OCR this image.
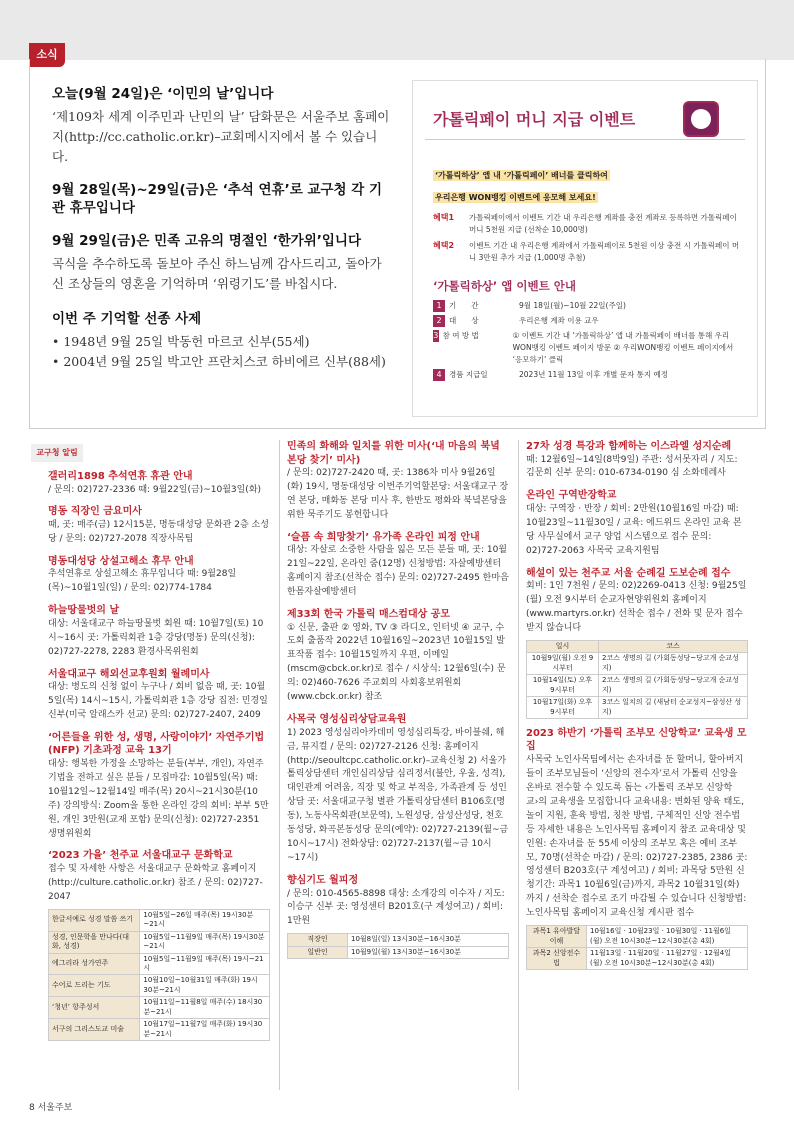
소식
오늘(9월 24일)은 ‘이민의 날’입니다
‘제109차 세계 이주민과 난민의 날’ 담화문은 서울주보 홈페이지(http://cc.catholic.or.kr)–교회메시지에서 볼 수 있습니다.
9월 28일(목)~29일(금)은 ‘추석 연휴’로 교구청 각 기관 휴무입니다
9월 29일(금)은 민족 고유의 명절인 ‘한가위’입니다
곡식을 추수하도록 돌보아 주신 하느님께 감사드리고, 돌아가신 조상들의 영혼을 기억하며 ‘위령기도’를 바칩시다.
이번 주 기억할 선종 사제
• 1948년 9월 25일 박동헌 마르코 신부(55세)
• 2004년 9월 25일 박고안 프란치스코 하비에르 신부(88세)
가톨릭페이 머니 지급 이벤트
‘가톨릭하상’ 앱 내 ‘가톨릭페이’ 배너를 클릭하여
우리은행 WON뱅킹 이벤트에 응모해 보세요!
혜택1	가톨릭페이에서 이벤트 기간 내 우리은행 계좌를 충전 계좌로 등록하면 가톨릭페이 머니 5천원 지급 (선착순 10,000명)
혜택2	이벤트 기간 내 우리은행 계좌에서 가톨릭페이로 5천원 이상 충전 시 가톨릭페이 머니 3만원 추가 지급 (1,000명 추첨)
‘가톨릭하상’ 앱 이벤트 안내
1 기　　간	9월 18일(월)~10월 22일(주일)
2 대　　상	우리은행 계좌 이용 교우
3 참 여 방 법	① 이벤트 기간 내 ‘가톨릭하상’ 앱 내 가톨릭페이 배너를 통해 우리WON뱅킹 이벤트 페이지 방문 ② 우리WON뱅킹 이벤트 페이지에서 ‘응모하기’ 클릭
4 경품 지급일	2023년 11월 13일 이후 개별 문자 통지 예정
교구청 알림
갤러리1898 추석연휴 휴관 안내
/ 문의: 02)727-2336 때: 9월22일(금)~10월3일(화)
명동 직장인 금요미사
때, 곳: 매주(금) 12시15분, 명동대성당 문화관 2층 소성당 / 문의: 02)727-2078 직장사목팀
명동대성당 상설고해소 휴무 안내
추석연휴로 상설고해소 휴무입니다 때: 9월28일(목)~10월1일(일) / 문의: 02)774-1784
하늘땅물벗의 날
대상: 서울대교구 하늘땅물벗 회원 때: 10월7일(토) 10시~16시 곳: 가톨릭회관 1층 강당(명동) 문의(신청): 02)727-2278, 2283 환경사목위원회
서울대교구 해외선교후원회 월례미사
대상: 병도의 신청 없이 누구나 / 회비 없음 때, 곳: 10월5일(목) 14시~15시, 가톨릭회관 1층 강당 집전: 민경일 신부(미국 알래스카 선교) 문의: 02)727-2407, 2409
‘어른들을 위한 성, 생명, 사랑이야기’ 자연주기법(NFP) 기초과정 교육 13기
대상: 행복한 가정을 소망하는 분들(부부, 개인), 자연주기법을 전하고 싶은 분들 / 모집마감: 10월5일(목) 때: 10월12일~12월14일 매주(목) 20시~21시30분(10주) 강의방식: Zoom을 통한 온라인 강의 회비: 부부 5만원, 개인 3만원(교재 포함) 문의(신청): 02)727-2351 생명위원회
‘2023 가을’ 천주교 서울대교구 문화학교
접수 및 자세한 사항은 서울대교구 문화학교 홈페이지(http://culture.catholic.or.kr) 참조 / 문의: 02)727-2047
한글서예로 성경 말씀 쓰기	10월5일~26일 매주(목) 19시30분~21시
성경, 인문학을 만나다(대화, 성경)	10월5일~11월9일 매주(목) 19시30분~21시
에그리라 성가연주	10월5일~11월9일 매주(목) 19시~21시
수어로 드리는 기도	10월10일~10월31일 매주(화) 19시30분~21시
‘청년’ 항주성서	10월11일~11월8일 매주(수) 18시30분~21시
서구의 그리스도교 미술	10월17일~11월7일 매주(화) 19시30분~21시
민족의 화해와 일치를 위한 미사(‘내 마음의 북녘 본당 찾기’ 미사)
/ 문의: 02)727-2420 때, 곳: 1386차 미사 9월26일(화) 19시, 명동대성당 이번주기억할본당: 서울대교구 장연 본당, 매화동 본당 미사 후, 한반도 평화와 북녘본당을 위한 묵주기도 봉헌합니다
‘슬픔 속 희망찾기’ 유가족 온라인 피정 안내
대상: 자살로 소중한 사람을 잃은 모든 분들 때, 곳: 10월21일~22일, 온라인 줌(12명) 신청방법: 자살예방센터 홈페이지 참조(선착순 접수) 문의: 02)727-2495 한마음한몸자살예방센터
제33회 한국 가톨릭 매스컴대상 공모
① 신문, 출판 ② 영화, TV ③ 라디오, 인터넷 ④ 교구, 수도회 출품작 2022년 10월16일~2023년 10월15일 발표작품 접수: 10월15일까지 우편, 이메일(mscm@cbck.or.kr)로 접수 / 시상식: 12월6일(수) 문의: 02)460-7626 주교회의 사회홍보위원회(www.cbck.or.kr) 참조
사목국 영성심리상담교육원
1) 2023 영성심리아카데미 영성심리특강, 바이블쉐, 해금, 뮤지컬 / 문의: 02)727-2126 신청: 홈페이지(http://seoultcpc.catholic.or.kr)–교육신청 2) 서울가톨릭상담센터 개인심리상담 심리정서(불안, 우울, 성격), 대인관계 어려움, 직장 및 학교 부적응, 가족관계 등 성인상담 곳: 서울대교구청 별관 가톨릭상담센터 B106호(명동), 노동사목회관(보문역), 노원성당, 삼성산성당, 천호동성당, 화곡본동성당 문의(예약): 02)727-2139(월~금 10시~17시) 전화상담: 02)727-2137(월~금 10시~17시)
향심기도 월피정
/ 문의: 010-4565-8898 대상: 소개강의 이수자 / 지도: 이승구 신부 곳: 영성센터 B201호(구 계성여고) / 회비: 1만원
직장인	10월8일(일) 13시30분~16시30분
일반인	10월9일(월) 13시30분~16시30분
27차 성경 특강과 함께하는 이스라엘 성지순례
때: 12월6일~14일(8박9일) 주관: 성서못자리 / 지도: 김문희 신부 문의: 010-6734-0190 심 소화데레사
온라인 구역반장학교
대상: 구역장 · 반장 / 회비: 2만원(10월16일 마감) 때: 10월23일~11월30일 / 교육: 에드위드 온라인 교육 본당 사무실에서 교구 양업 시스템으로 접수 문의: 02)727-2063 사목국 교육지원팀
해설이 있는 천주교 서울 순례길 도보순례 접수
회비: 1인 7천원 / 문의: 02)2269-0413 신청: 9월25일(월) 오전 9시부터 순교자현양위원회 홈페이지(www.martyrs.or.kr) 선착순 접수 / 전화 및 문자 접수 받지 않습니다
일시	코스
10월9일(월) 오전 9시부터	2코스 생명의 길 (가회동성당~당고개 순교성지)
10월14일(토) 오후 9시부터	2코스 생명의 길 (가회동성당~당고개 순교성지)
10월17일(화) 오후 9시부터	3코스 일치의 길 (새남터 순교성지~삼성산 성지)
2023 하반기 ‘가톨릭 조부모 신앙학교’ 교육생 모집
사목국 노인사목팀에서는 손자녀를 둔 할머니, 할아버지들이 조부모님들이 ‘신앙의 전수자’로서 가톨릭 신앙을 온바로 전수할 수 있도록 돕는 ‹가톨릭 조부모 신앙학교›의 교육생을 모집합니다 교육내용: 변화된 양육 태도, 놀이 지원, 훈육 방법, 칭찬 방법, 구체적인 신앙 전수법 등 자세한 내용은 노인사목팀 홈페이지 참조 교육대상 및 인원: 손자녀를 둔 55세 이상의 조부모 혹은 예비 조부모, 70명(선착순 마감) / 문의: 02)727-2385, 2386 곳: 영성센터 B203호(구 계성여고) / 회비: 과목당 5만원 신청기간: 과목1 10월6일(금)까지, 과목2 10월31일(화)까지 / 선착순 접수로 조기 마감될 수 있습니다 신청방법: 노인사목팀 홈페이지 교육신청 게시판 접수
과목1 유아발달이해	10월16일 · 10월23일 · 10월30일 · 11월6일 (월) 오전 10시30분~12시30분(총 4회)
과목2 신앙전수법	11월13일 · 11월20일 · 11월27일 · 12월4일 (월) 오전 10시30분~12시30분(총 4회)
8 서울주보
